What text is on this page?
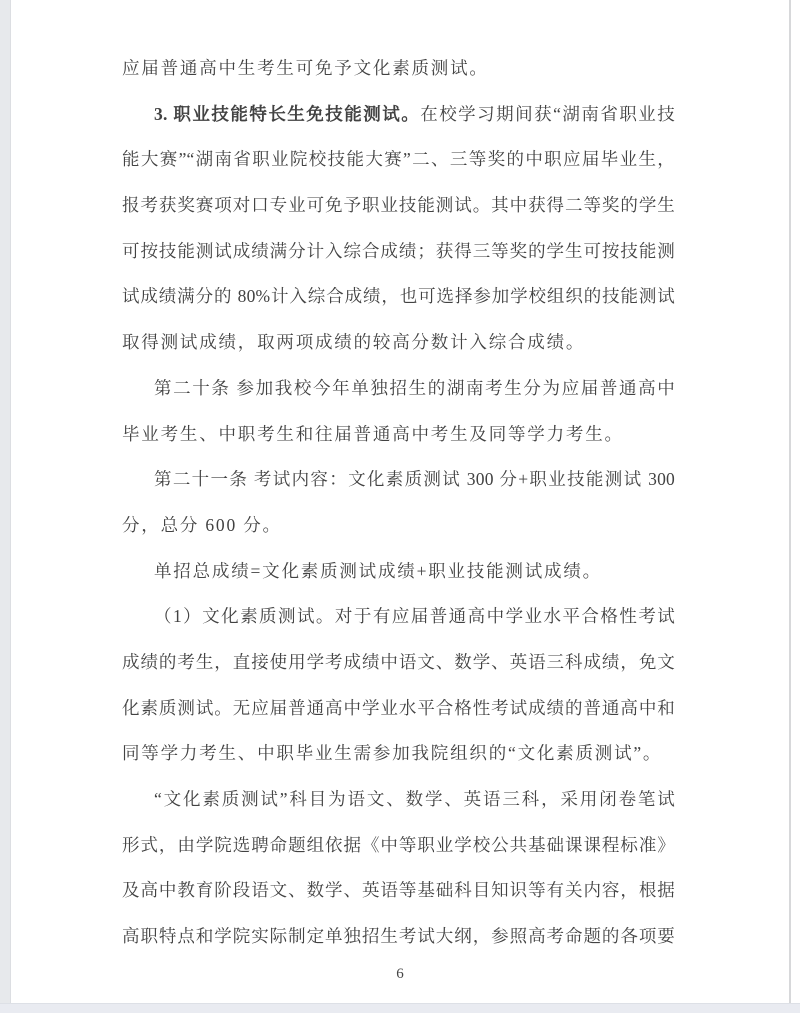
应届普通高中生考生可免予文化素质测试。
3. 职业技能特长生免技能测试。在校学习期间获“湖南省职业技
能大赛”“湖南省职业院校技能大赛”二、三等奖的中职应届毕业生，
报考获奖赛项对口专业可免予职业技能测试。其中获得二等奖的学生
可按技能测试成绩满分计入综合成绩；获得三等奖的学生可按技能测
试成绩满分的 80%计入综合成绩，也可选择参加学校组织的技能测试
取得测试成绩，取两项成绩的较高分数计入综合成绩。
第二十条 参加我校今年单独招生的湖南考生分为应届普通高中
毕业考生、中职考生和往届普通高中考生及同等学力考生。
第二十一条 考试内容：文化素质测试 300 分+职业技能测试 300
分，总分 600 分。
单招总成绩=文化素质测试成绩+职业技能测试成绩。
（1）文化素质测试。对于有应届普通高中学业水平合格性考试
成绩的考生，直接使用学考成绩中语文、数学、英语三科成绩，免文
化素质测试。无应届普通高中学业水平合格性考试成绩的普通高中和
同等学力考生、中职毕业生需参加我院组织的“文化素质测试”。
“文化素质测试”科目为语文、数学、英语三科，采用闭卷笔试
形式，由学院选聘命题组依据《中等职业学校公共基础课课程标准》
及高中教育阶段语文、数学、英语等基础科目知识等有关内容，根据
高职特点和学院实际制定单独招生考试大纲，参照高考命题的各项要
6
